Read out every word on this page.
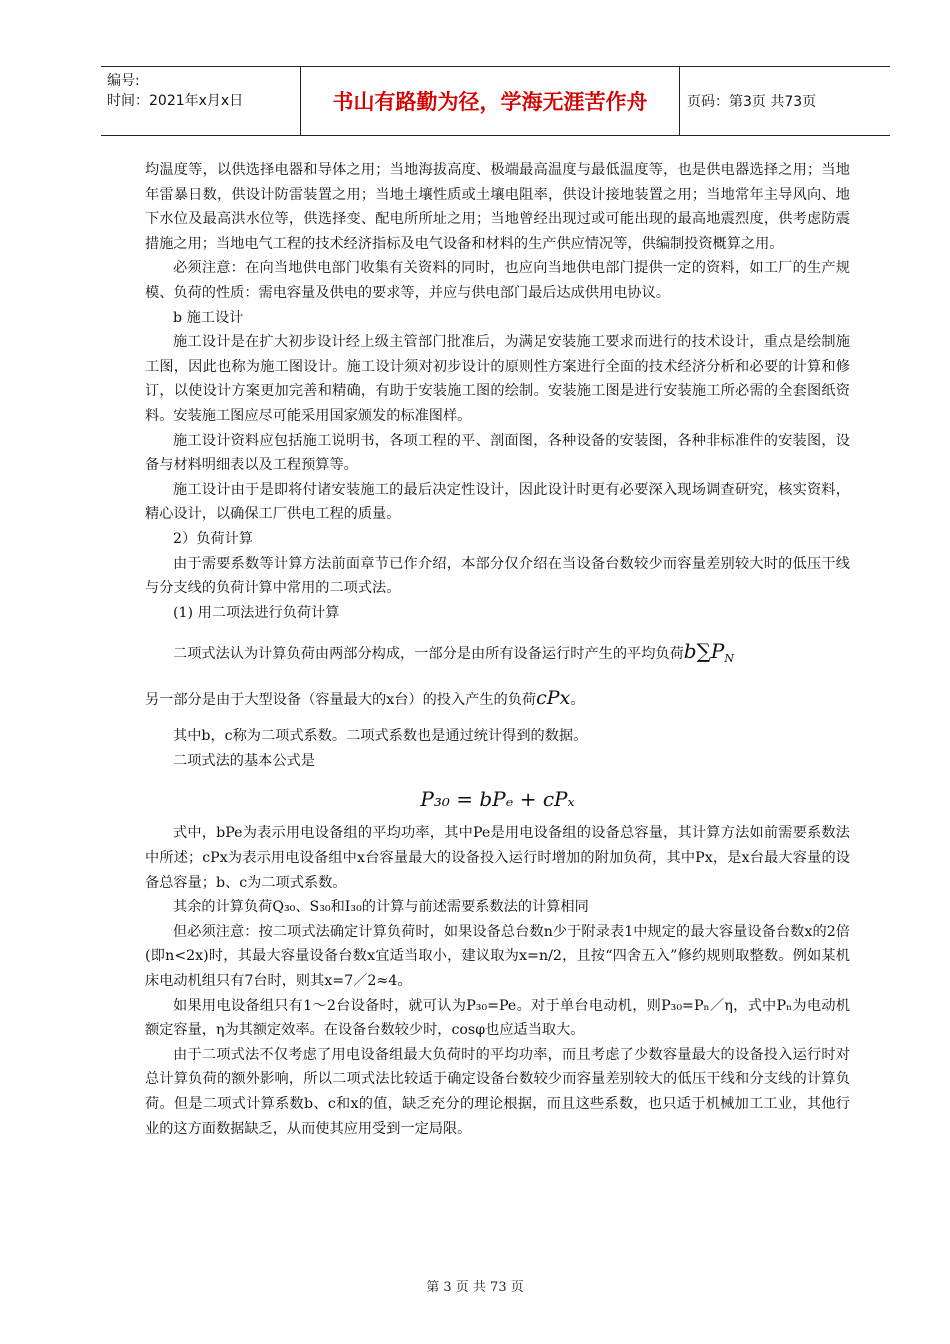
编号:
时间：2021年x月x日	书山有路勤为径，学海无涯苦作舟	页码：第3页 共73页

均温度等，以供选择电器和导体之用；当地海拔高度、极端最高温度与最低温度等，也是供电器选择之用；当地年雷暴日数，供设计防雷装置之用；当地土壤性质或土壤电阻率，供设计接地装置之用；当地常年主导风向、地下水位及最高洪水位等，供选择变、配电所所址之用；当地曾经出现过或可能出现的最高地震烈度，供考虑防震措施之用；当地电气工程的技术经济指标及电气设备和材料的生产供应情况等，供编制投资概算之用。

必须注意：在向当地供电部门收集有关资料的同时，也应向当地供电部门提供一定的资料，如工厂的生产规模、负荷的性质：需电容量及供电的要求等，并应与供电部门最后达成供用电协议。

b 施工设计

施工设计是在扩大初步设计经上级主管部门批准后，为满足安装施工要求而进行的技术设计，重点是绘制施工图，因此也称为施工图设计。施工设计须对初步设计的原则性方案进行全面的技术经济分析和必要的计算和修订，以使设计方案更加完善和精确，有助于安装施工图的绘制。安装施工图是进行安装施工所必需的全套图纸资料。安装施工图应尽可能采用国家颁发的标准图样。

施工设计资料应包括施工说明书，各项工程的平、剖面图，各种设备的安装图，各种非标准件的安装图，设备与材料明细表以及工程预算等。

施工设计由于是即将付诸安装施工的最后决定性设计，因此设计时更有必要深入现场调查研究，核实资料，精心设计，以确保工厂供电工程的质量。

2）负荷计算

由于需要系数等计算方法前面章节已作介绍，本部分仅介绍在当设备台数较少而容量差别较大时的低压干线与分支线的负荷计算中常用的二项式法。

(1) 用二项法进行负荷计算

二项式法认为计算负荷由两部分构成，一部分是由所有设备运行时产生的平均负荷$b\sum P_N$

另一部分是由于大型设备（容量最大的x台）的投入产生的负荷cPx。

其中b，c称为二项式系数。二项式系数也是通过统计得到的数据。

二项式法的基本公式是

P₃₀ = bPₑ + cPₓ

式中，bPe为表示用电设备组的平均功率，其中Pe是用电设备组的设备总容量，其计算方法如前需要系数法中所述；cPx为表示用电设备组中x台容量最大的设备投入运行时增加的附加负荷，其中Px，是x台最大容量的设备总容量；b、c为二项式系数。

其余的计算负荷Q₃₀、S₃₀和I₃₀的计算与前述需要系数法的计算相同

但必须注意：按二项式法确定计算负荷时，如果设备总台数n少于附录表1中规定的最大容量设备台数x的2倍(即n<2x)时，其最大容量设备台数x宜适当取小，建议取为x=n/2，且按“四舍五入”修约规则取整数。例如某机床电动机组只有7台时，则其x=7／2≈4。

如果用电设备组只有1～2台设备时，就可认为P₃₀=Pe。对于单台电动机，则P₃₀=Pₙ／η，式中Pₙ为电动机额定容量，η为其额定效率。在设备台数较少时，cosφ也应适当取大。

由于二项式法不仅考虑了用电设备组最大负荷时的平均功率，而且考虑了少数容量最大的设备投入运行时对总计算负荷的额外影响，所以二项式法比较适于确定设备台数较少而容量差别较大的低压干线和分支线的计算负荷。但是二项式计算系数b、c和x的值，缺乏充分的理论根据，而且这些系数，也只适于机械加工工业，其他行业的这方面数据缺乏，从而使其应用受到一定局限。

第 3 页 共 73 页
